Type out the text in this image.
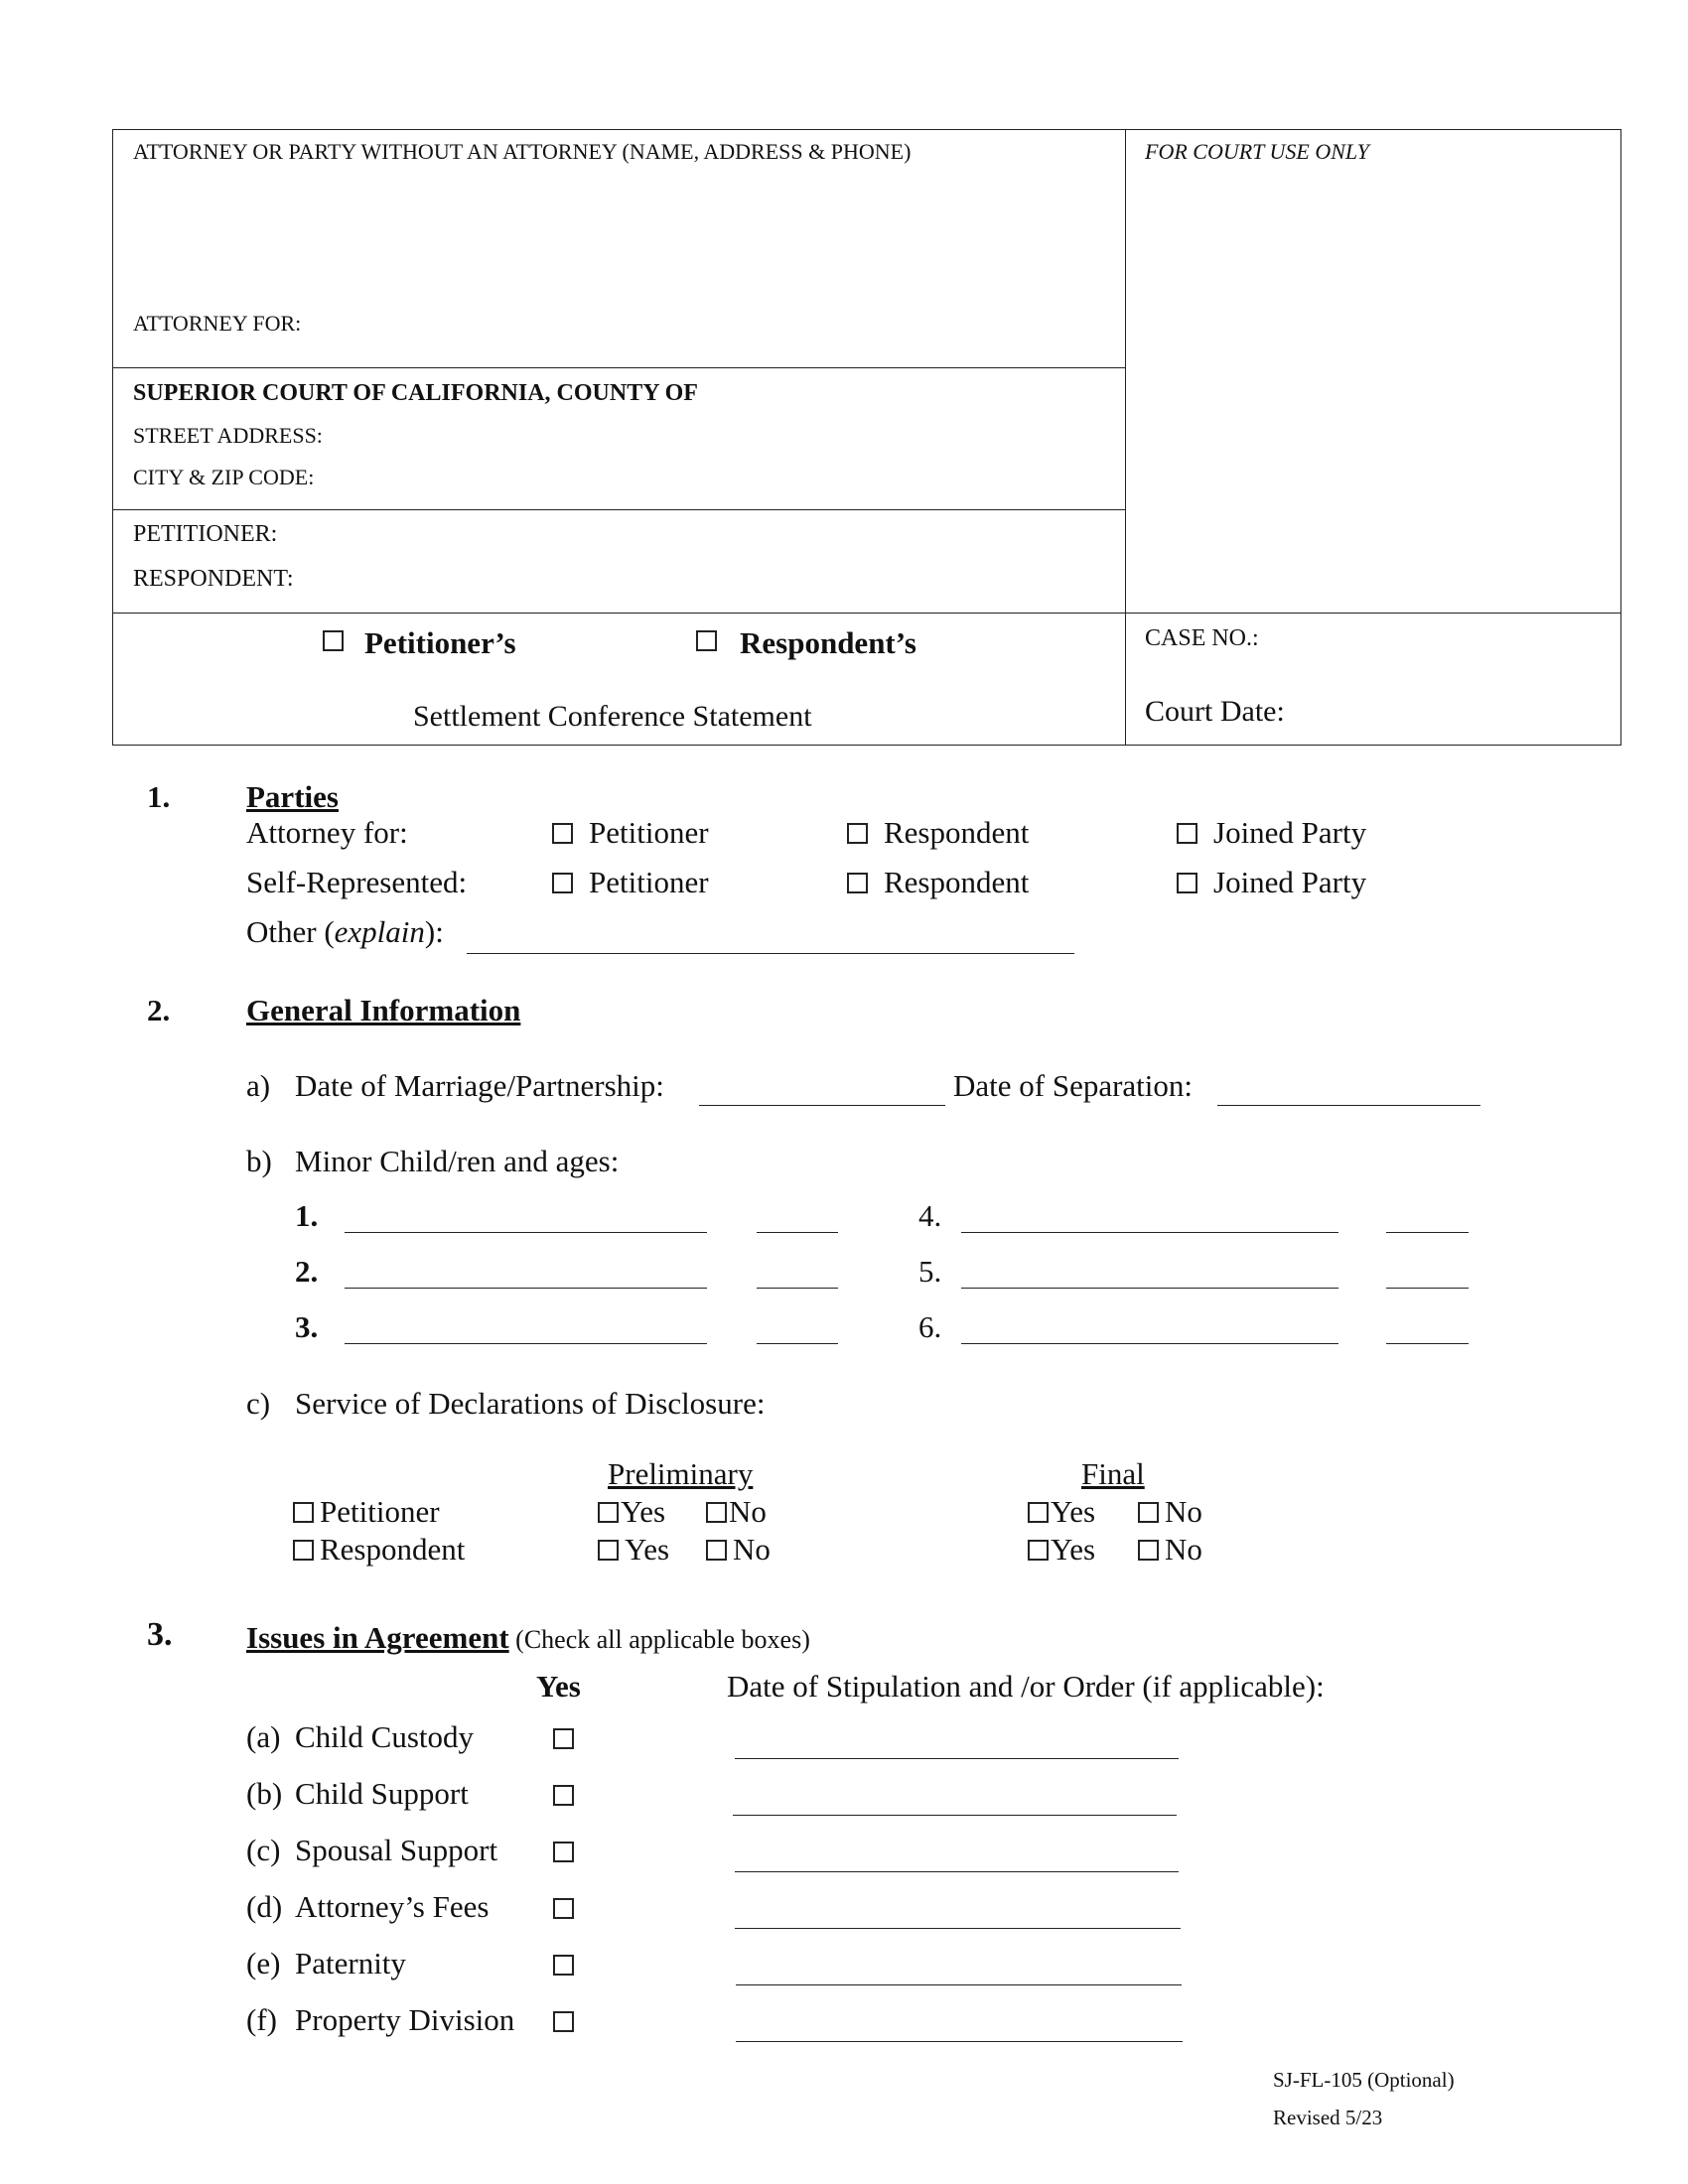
ATTORNEY OR PARTY WITHOUT AN ATTORNEY (NAME, ADDRESS & PHONE)	FOR COURT USE ONLY
ATTORNEY FOR:
SUPERIOR COURT OF CALIFORNIA, COUNTY OF
STREET ADDRESS:
CITY & ZIP CODE:
PETITIONER:
RESPONDENT:
Petitioner’s	Respondent’s
Settlement Conference Statement
CASE NO.:
Court Date:
1. Parties
Attorney for:	Petitioner	Respondent	Joined Party
Self-Represented:	Petitioner	Respondent	Joined Party
Other (explain):
2. General Information
a) Date of Marriage/Partnership:	Date of Separation:
b) Minor Child/ren and ages:
1.	4.
2.	5.
3.	6.
c) Service of Declarations of Disclosure:
Preliminary	Final
Petitioner	Yes No	Yes No
Respondent	Yes No	Yes No
3. Issues in Agreement (Check all applicable boxes)
Yes	Date of Stipulation and /or Order (if applicable):
(a) Child Custody
(b) Child Support
(c) Spousal Support
(d) Attorney’s Fees
(e) Paternity
(f) Property Division
SJ-FL-105 (Optional)
Revised 5/23
